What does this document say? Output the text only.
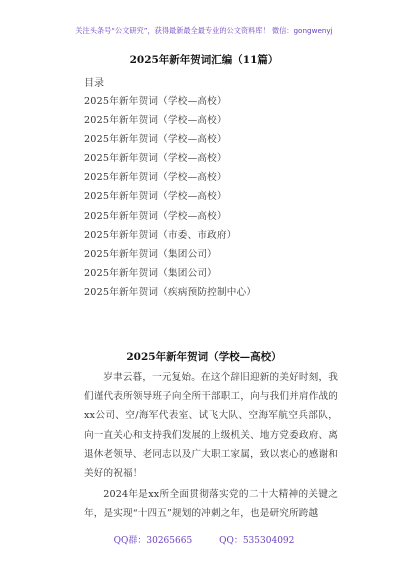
关注头条号“公文研究”，获得最新最全最专业的公文资料库！ 微信：gongwenyj
2025年新年贺词汇编（11篇）
目录
2025年新年贺词（学校—高校）
2025年新年贺词（学校—高校）
2025年新年贺词（学校—高校）
2025年新年贺词（学校—高校）
2025年新年贺词（学校—高校）
2025年新年贺词（学校—高校）
2025年新年贺词（学校—高校）
2025年新年贺词（市委、市政府）
2025年新年贺词（集团公司）
2025年新年贺词（集团公司）
2025年新年贺词（疾病预防控制中心）
2025年新年贺词（学校—高校）

岁聿云暮，一元复始。在这个辞旧迎新的美好时刻，我们谨代表所领导班子向全所干部职工，向与我们并肩作战的xx公司、空/海军代表室、试飞大队、空海军航空兵部队，向一直关心和支持我们发展的上级机关、地方党委政府、离退休老领导、老同志以及广大职工家属，致以衷心的感谢和美好的祝福！

2024年是xx所全面贯彻落实党的二十大精神的关键之年，是实现“十四五”规划的冲刺之年，也是研究所跨越

QQ群：30265665	QQ：535304092
